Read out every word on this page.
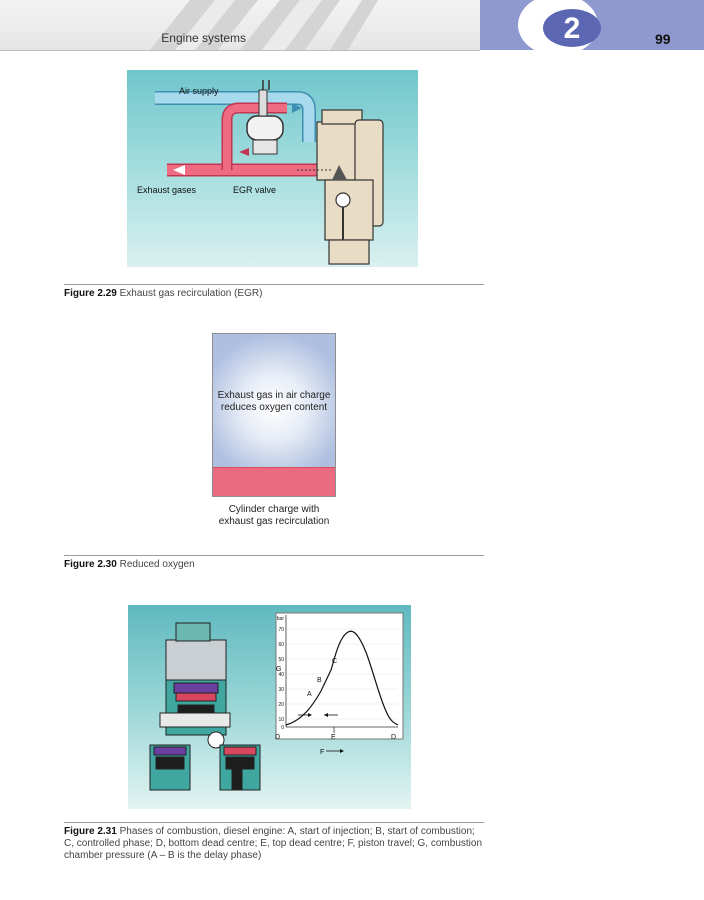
Engine systems	2	99
Air supply
Exhaust gases	EGR valve
Figure 2.29 Exhaust gas recirculation (EGR)
Exhaust gas in air charge reduces oxygen content
Cylinder charge with exhaust gas recirculation
Figure 2.30 Reduced oxygen
bar
0
10
20
30
40
50
60
70
G
D	E	D
F
A
B
C
Figure 2.31 Phases of combustion, diesel engine: A, start of injection; B, start of combustion; C, controlled phase; D, bottom dead centre; E, top dead centre; F, piston travel; G, combustion chamber pressure (A – B is the delay phase)
